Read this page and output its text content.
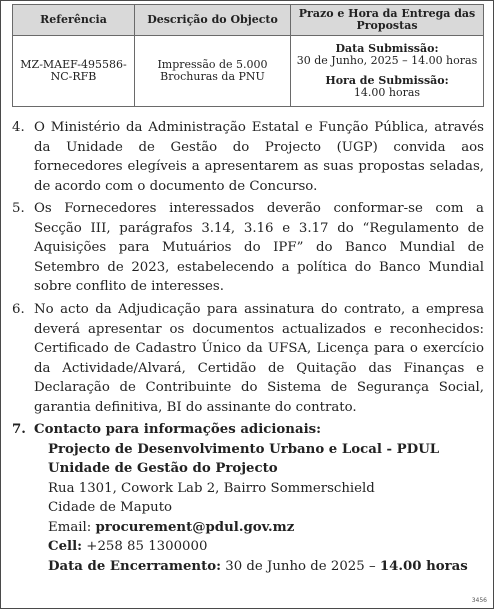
Referência	Descrição do Objecto	Prazo e Hora da Entrega das Propostas
MZ-MAEF-495586-NC-RFB	Impressão de 5.000 Brochuras da PNU	Data Submissão:
30 de Junho, 2025 – 14.00 horas
Hora de Submissão:
14.00 horas
4. O Ministério da Administração Estatal e Função Pública, através da Unidade de Gestão do Projecto (UGP) convida aos fornecedores elegíveis a apresentarem as suas propostas seladas, de acordo com o documento de Concurso.
5. Os Fornecedores interessados deverão conformar-se com a Secção III, parágrafos 3.14, 3.16 e 3.17 do “Regulamento de Aquisições para Mutuários do IPF” do Banco Mundial de Setembro de 2023, estabelecendo a política do Banco Mundial sobre conflito de interesses.
6. No acto da Adjudicação para assinatura do contrato, a empresa deverá apresentar os documentos actualizados e reconhecidos: Certificado de Cadastro Único da UFSA, Licença para o exercício da Actividade/Alvará, Certidão de Quitação das Finanças e Declaração de Contribuinte do Sistema de Segurança Social, garantia definitiva, BI do assinante do contrato.
7. Contacto para informações adicionais:
Projecto de Desenvolvimento Urbano e Local - PDUL
Unidade de Gestão do Projecto
Rua 1301, Cowork Lab 2, Bairro Sommerschield
Cidade de Maputo
Email: procurement@pdul.gov.mz
Cell: +258 85 1300000
Data de Encerramento: 30 de Junho de 2025 – 14.00 horas
3456
